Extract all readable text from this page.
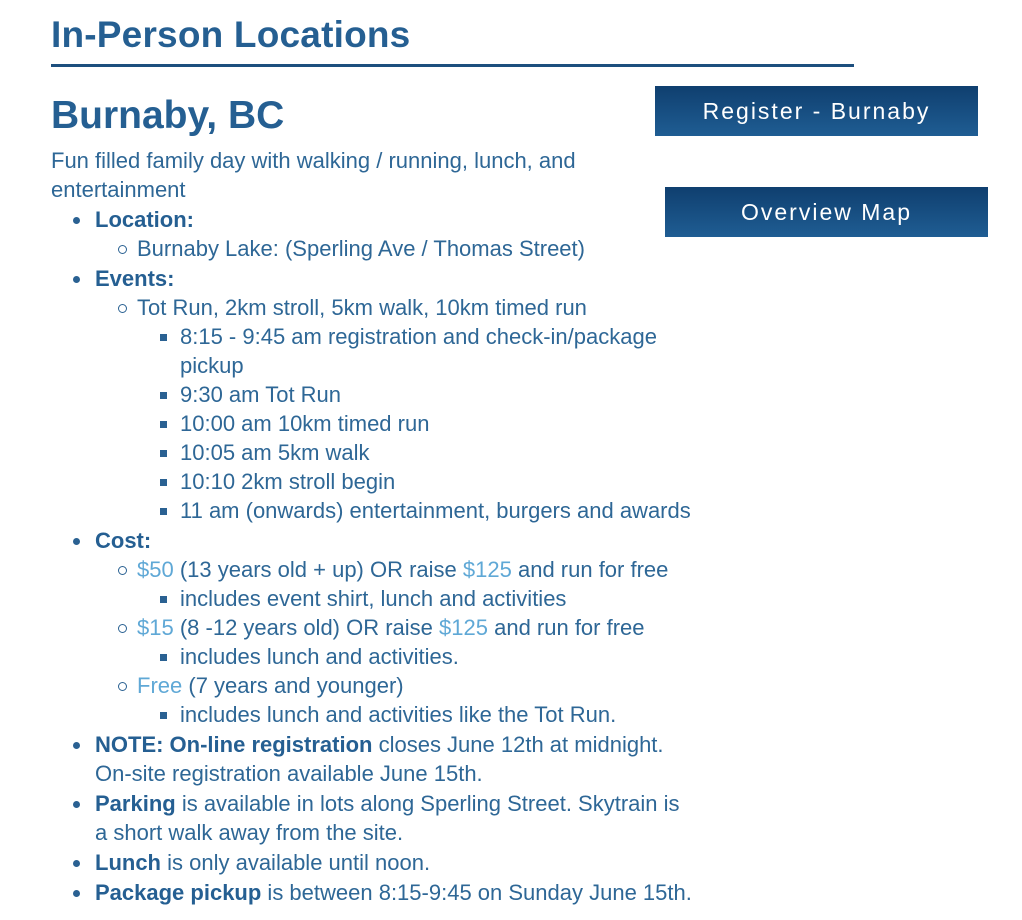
In-Person Locations
Burnaby, BC

Fun filled family day with walking / running, lunch, and entertainment

Register - Burnaby
Overview Map
Location:
Burnaby Lake: (Sperling Ave / Thomas Street)
Events:
Tot Run, 2km stroll, 5km walk, 10km timed run
8:15 - 9:45 am registration and check-in/package
pickup
9:30 am Tot Run
10:00 am 10km timed run
10:05 am 5km walk
10:10 2km stroll begin
11 am (onwards) entertainment, burgers and awards
Cost:
$50 (13 years old + up) OR raise $125 and run for free
includes event shirt, lunch and activities
$15 (8 -12 years old) OR raise $125 and run for free
includes lunch and activities.
Free (7 years and younger)
includes lunch and activities like the Tot Run.
NOTE: On-line registration closes June 12th at midnight.
On-site registration available June 15th.
Parking is available in lots along Sperling Street. Skytrain is
a short walk away from the site.
Lunch is only available until noon.
Package pickup is between 8:15-9:45 on Sunday June 15th.
